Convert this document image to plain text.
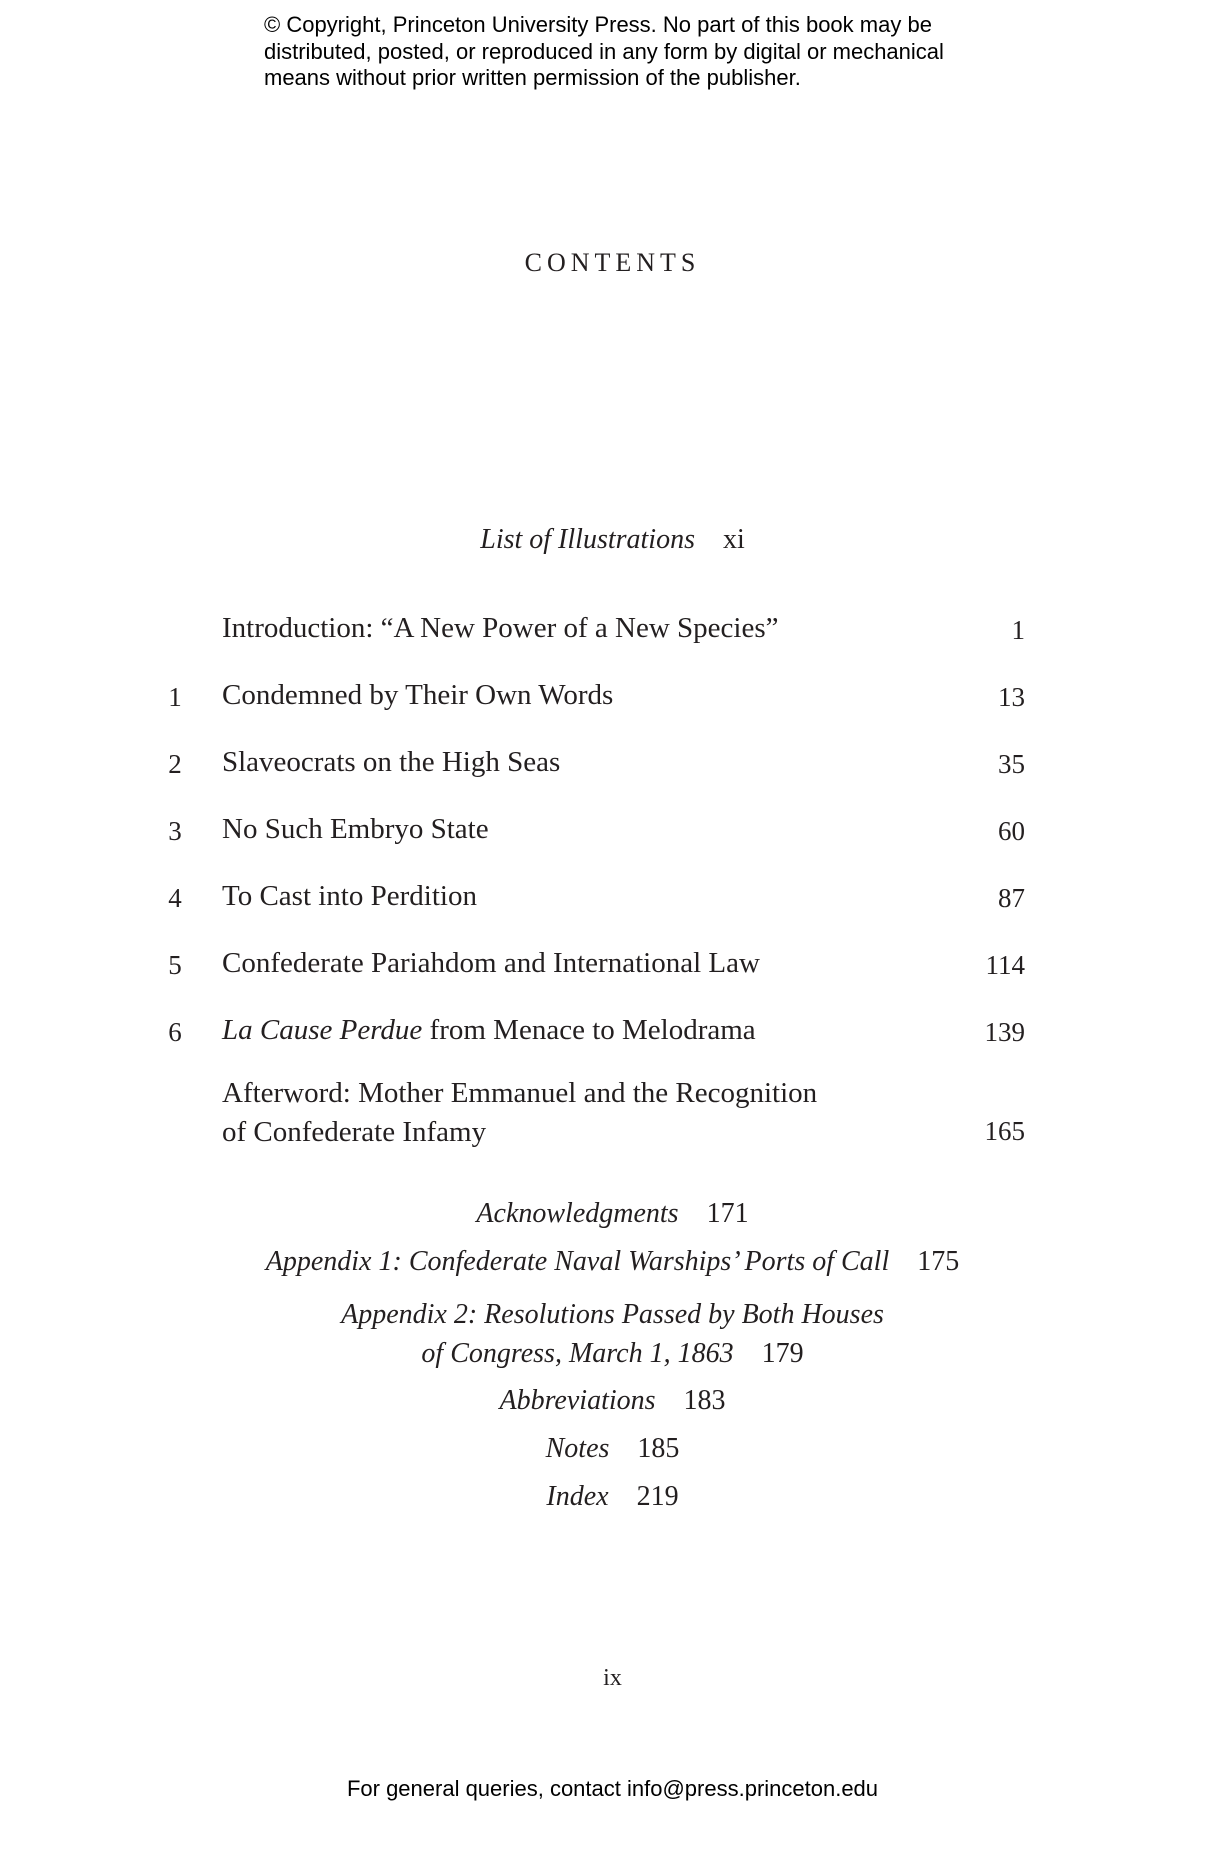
© Copyright, Princeton University Press. No part of this book may be
distributed, posted, or reproduced in any form by digital or mechanical
means without prior written permission of the publisher.
CONTENTS
List of Illustrations xi
Introduction: “A New Power of a New Species”	1
1	Condemned by Their Own Words	13
2	Slaveocrats on the High Seas	35
3	No Such Embryo State	60
4	To Cast into Perdition	87
5	Confederate Pariahdom and International Law	114
6	La Cause Perdue from Menace to Melodrama	139
Afterword: Mother Emmanuel and the Recognition
of Confederate Infamy	165
Acknowledgments 171
Appendix 1: Confederate Naval Warships’ Ports of Call 175
Appendix 2: Resolutions Passed by Both Houses
of Congress, March 1, 1863 179
Abbreviations 183
Notes 185
Index 219
ix
For general queries, contact info@press.princeton.edu
